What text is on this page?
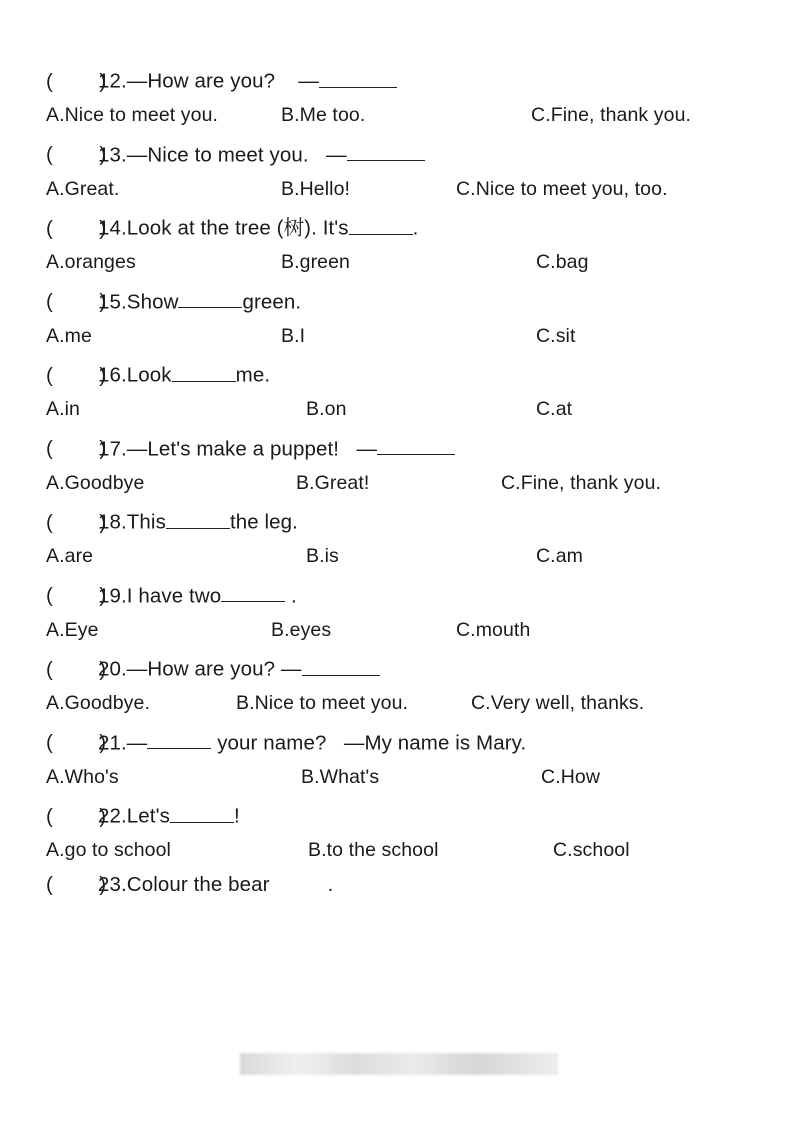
(        )12.—How are you? —
A.Nice to meet you.	B.Me too.	C.Fine, thank you.
(        )13.—Nice to meet you. —
A.Great.	B.Hello!	C.Nice to meet you, too.
(        )14.Look at the tree (树). It's	.
A.oranges	B.green	C.bag
(        )15.Show	green.
A.me	B.I	C.sit
(        )16.Look	me.
A.in	B.on	C.at
(        )17.—Let's make a puppet! —
A.Goodbye	B.Great!	C.Fine, thank you.
(        )18.This	the leg.
A.are	B.is	C.am
(        )19.I have two	.
A.Eye	B.eyes	C.mouth
(        )20.—How are you? —
A.Goodbye.	B.Nice to meet you.	C.Very well, thanks.
(        )21.—	your name?   —My name is Mary.
A.Who's	B.What's	C.How
(        )22.Let's	!
A.go to school	B.to the school	C.school
(        )23.Colour the bear	.
